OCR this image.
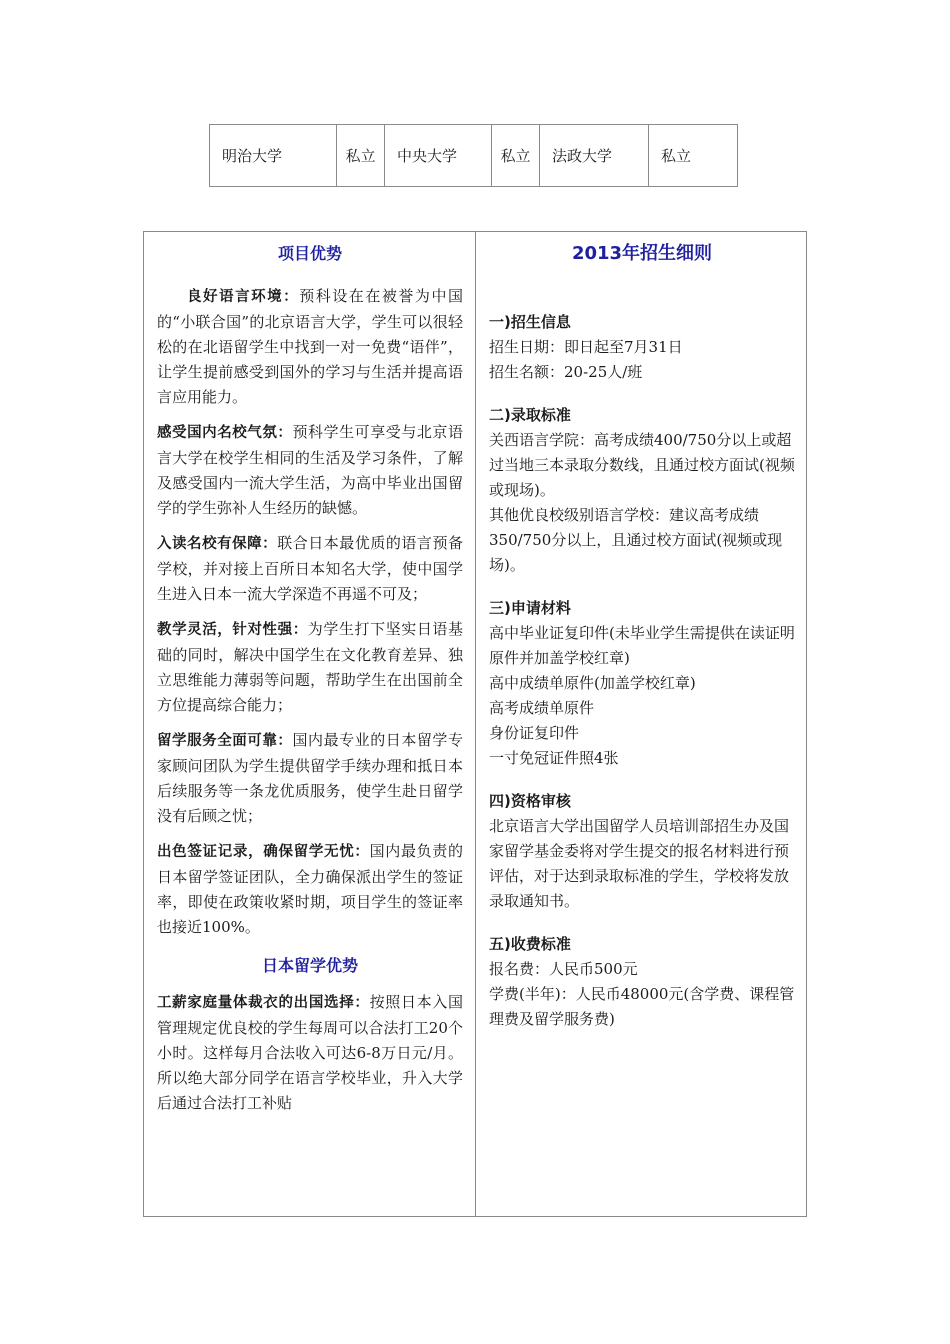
明治大学	私立	中央大学	私立	法政大学	私立

项目优势

良好语言环境：预科设在在被誉为中国的“小联合国”的北京语言大学，学生可以很轻松的在北语留学生中找到一对一免费“语伴”，让学生提前感受到国外的学习与生活并提高语言应用能力。

感受国内名校气氛：预科学生可享受与北京语言大学在校学生相同的生活及学习条件，了解及感受国内一流大学生活，为高中毕业出国留学的学生弥补人生经历的缺憾。

入读名校有保障：联合日本最优质的语言预备学校，并对接上百所日本知名大学，使中国学生进入日本一流大学深造不再遥不可及；

教学灵活，针对性强：为学生打下坚实日语基础的同时，解决中国学生在文化教育差异、独立思维能力薄弱等问题，帮助学生在出国前全方位提高综合能力；

留学服务全面可靠：国内最专业的日本留学专家顾问团队为学生提供留学手续办理和抵日本后续服务等一条龙优质服务，使学生赴日留学没有后顾之忧；

出色签证记录，确保留学无忧：国内最负责的日本留学签证团队，全力确保派出学生的签证率，即使在政策收紧时期，项目学生的签证率也接近100%。

日本留学优势

工薪家庭量体裁衣的出国选择：按照日本入国管理规定优良校的学生每周可以合法打工20个小时。这样每月合法收入可达6-8万日元/月。所以绝大部分同学在语言学校毕业，升入大学后通过合法打工补贴

2013年招生细则

一)招生信息

招生日期：即日起至7月31日

招生名额：20-25人/班

二)录取标准

关西语言学院：高考成绩400/750分以上或超过当地三本录取分数线，且通过校方面试(视频或现场)。

其他优良校级别语言学校：建议高考成绩350/750分以上，且通过校方面试(视频或现场)。

三)申请材料

高中毕业证复印件(未毕业学生需提供在读证明原件并加盖学校红章)

高中成绩单原件(加盖学校红章)

高考成绩单原件

身份证复印件

一寸免冠证件照4张

四)资格审核

北京语言大学出国留学人员培训部招生办及国家留学基金委将对学生提交的报名材料进行预评估，对于达到录取标准的学生，学校将发放录取通知书。

五)收费标准

报名费：人民币500元

学费(半年)：人民币48000元(含学费、课程管理费及留学服务费)
